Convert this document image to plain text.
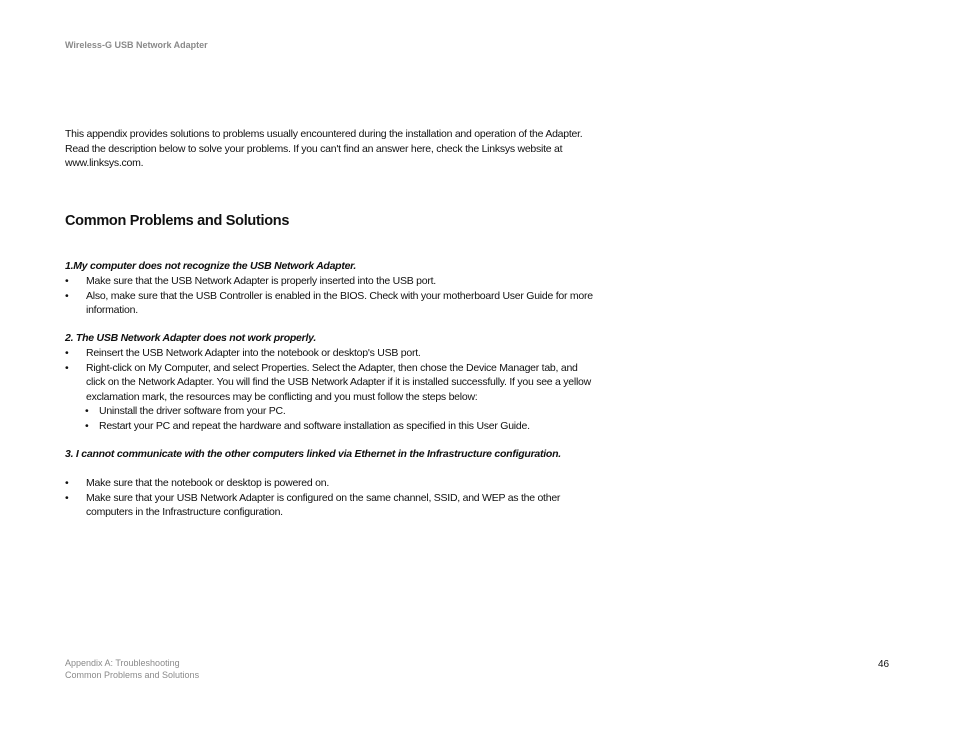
Wireless-G USB Network Adapter
This appendix provides solutions to problems usually encountered during the installation and operation of the Adapter. Read the description below to solve your problems. If you can't find an answer here, check the Linksys website at www.linksys.com.
Common Problems and Solutions
1.My computer does not recognize the USB Network Adapter.
• Make sure that the USB Network Adapter is properly inserted into the USB port.
• Also, make sure that the USB Controller is enabled in the BIOS. Check with your motherboard User Guide for more information.
2. The USB Network Adapter does not work properly.
• Reinsert the USB Network Adapter into the notebook or desktop's USB port.
• Right-click on My Computer, and select Properties. Select the Adapter, then chose the Device Manager tab, and click on the Network Adapter. You will find the USB Network Adapter if it is installed successfully. If you see a yellow exclamation mark, the resources may be conflicting and you must follow the steps below:
• Uninstall the driver software from your PC.
• Restart your PC and repeat the hardware and software installation as specified in this User Guide.
3. I cannot communicate with the other computers linked via Ethernet in the Infrastructure configuration.
• Make sure that the notebook or desktop is powered on.
• Make sure that your USB Network Adapter is configured on the same channel, SSID, and WEP as the other computers in the Infrastructure configuration.
Appendix A: Troubleshooting
Common Problems and Solutions
46
